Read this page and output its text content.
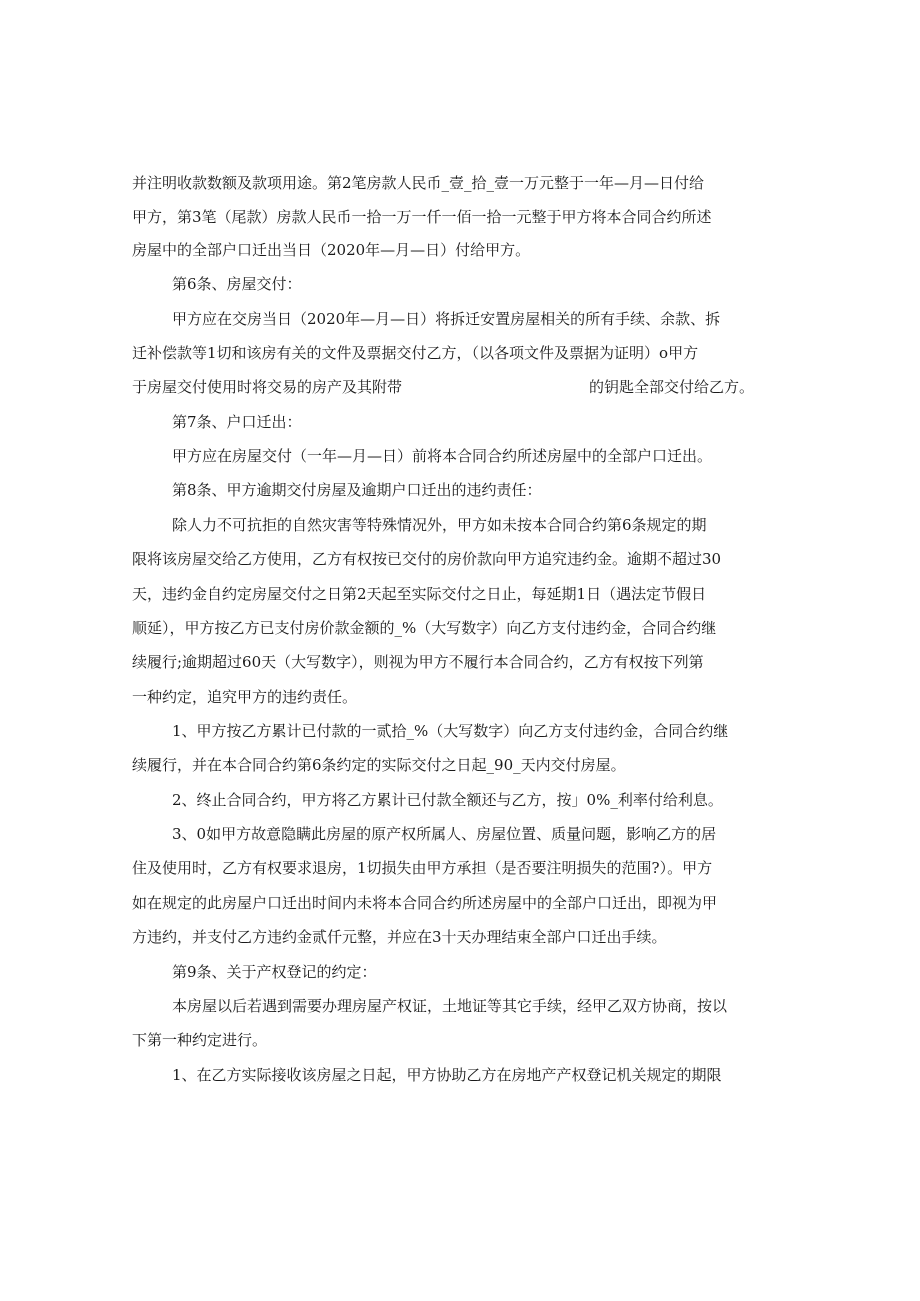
并注明收款数额及款项用途。第2笔房款人民币_壹_拾_壹一万元整于一年—月—日付给
甲方，第3笔（尾款）房款人民币一拾一万一仟一佰一拾一元整于甲方将本合同合约所述
房屋中的全部户口迁出当日（2020年—月—日）付给甲方。
第6条、房屋交付：
甲方应在交房当日（2020年—月—日）将拆迁安置房屋相关的所有手续、余款、拆
迁补偿款等1切和该房有关的文件及票据交付乙方，（以各项文件及票据为证明）o甲方
于房屋交付使用时将交易的房产及其附带	的钥匙全部交付给乙方。
第7条、户口迁出：
甲方应在房屋交付（一年—月—日）前将本合同合约所述房屋中的全部户口迁出。
第8条、甲方逾期交付房屋及逾期户口迁出的违约责任：
除人力不可抗拒的自然灾害等特殊情况外，甲方如未按本合同合约第6条规定的期
限将该房屋交给乙方使用，乙方有权按已交付的房价款向甲方追究违约金。逾期不超过30
天，违约金自约定房屋交付之日第2天起至实际交付之日止，每延期1日（遇法定节假日
顺延），甲方按乙方已支付房价款金额的_%（大写数字）向乙方支付违约金，合同合约继
续履行;逾期超过60天（大写数字），则视为甲方不履行本合同合约，乙方有权按下列第
一种约定，追究甲方的违约责任。
1、甲方按乙方累计已付款的一贰拾_%（大写数字）向乙方支付违约金，合同合约继
续履行，并在本合同合约第6条约定的实际交付之日起_90_天内交付房屋。
2、终止合同合约，甲方将乙方累计已付款全额还与乙方，按」0%_利率付给利息。
3、0如甲方故意隐瞒此房屋的原产权所属人、房屋位置、质量问题，影响乙方的居
住及使用时，乙方有权要求退房，1切损失由甲方承担（是否要注明损失的范围?）。甲方
如在规定的此房屋户口迁出时间内未将本合同合约所述房屋中的全部户口迁出，即视为甲
方违约，并支付乙方违约金贰仟元整，并应在3十天办理结束全部户口迁出手续。
第9条、关于产权登记的约定：
本房屋以后若遇到需要办理房屋产权证，土地证等其它手续，经甲乙双方协商，按以
下第一种约定进行。
1、在乙方实际接收该房屋之日起，甲方协助乙方在房地产产权登记机关规定的期限
